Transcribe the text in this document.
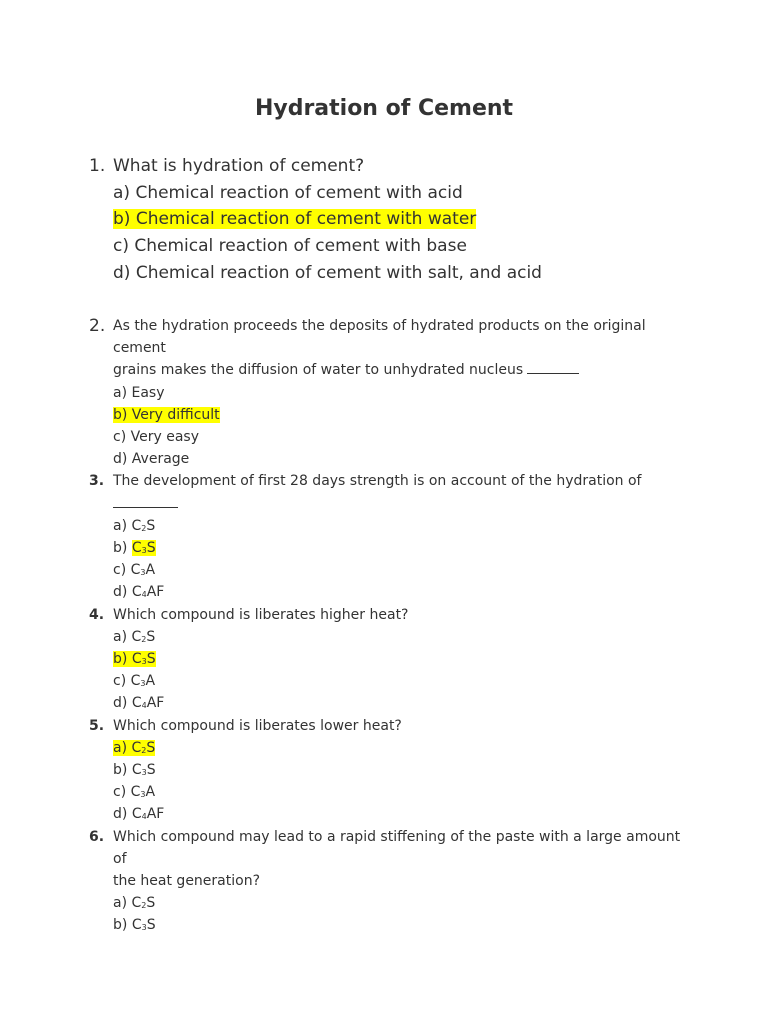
Hydration of Cement
1. What is hydration of cement?
a) Chemical reaction of cement with acid
b) Chemical reaction of cement with water
c) Chemical reaction of cement with base
d) Chemical reaction of cement with salt, and acid
2. As the hydration proceeds the deposits of hydrated products on the original cement
grains makes the diffusion of water to unhydrated nucleus
a) Easy
b) Very difficult
c) Very easy
d) Average
3. The development of first 28 days strength is on account of the hydration of
a) C2S
b) C3S
c) C3A
d) C4AF
4. Which compound is liberates higher heat?
a) C2S
b) C3S
c) C3A
d) C4AF
5. Which compound is liberates lower heat?
a) C2S
b) C3S
c) C3A
d) C4AF
6. Which compound may lead to a rapid stiffening of the paste with a large amount of
the heat generation?
a) C2S
b) C3S
